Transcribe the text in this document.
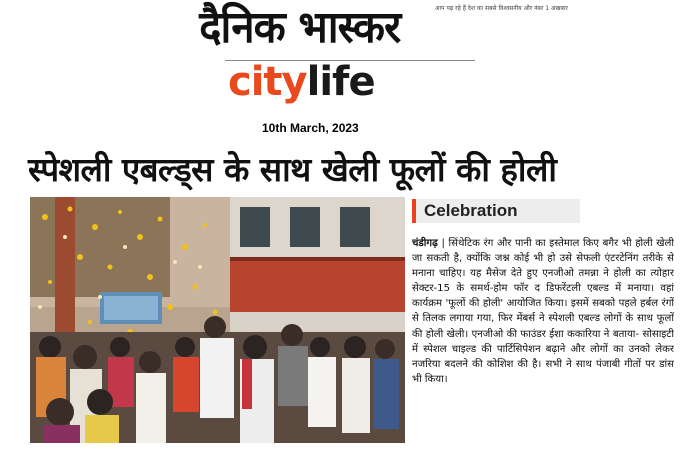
आप पढ़ रहे हैं देश का सबसे विश्वसनीय और नंबर 1 अखबार
दैनिक भास्कर
citylife
10th March, 2023
स्पेशली एबल्ड्स के साथ खेली फूलों की होली
Celebration
चंडीगढ़ | सिंथेटिक रंग और पानी का इस्तेमाल किए बगैर भी होली खेली जा सकती है, क्योंकि जश्न कोई भी हो उसे सेफली एंटरटेनिंग तरीके से मनाना चाहिए। यह मैसेज देते हुए एनजीओ तमन्ना ने होली का त्योहार सेक्टर-15 के समर्थ-होम फॉर द डिफरेंटली एबल्ड में मनाया। वहां कार्यक्रम 'फूलों की होली' आयोजित किया। इसमें सबको पहले हर्बल रंगों से तिलक लगाया गया, फिर मेंबर्स ने स्पेशली एबल्ड लोगों के साथ फूलों की होली खेली। एनजीओ की फाउंडर ईशा ककारिया ने बताया- सोसाइटी में स्पेशल चाइल्ड की पार्टिसिपेशन बढ़ाने और लोगों का उनको लेकर नजरिया बदलने की कोशिश की है। सभी ने साथ पंजाबी गीतों पर डांस भी किया।
